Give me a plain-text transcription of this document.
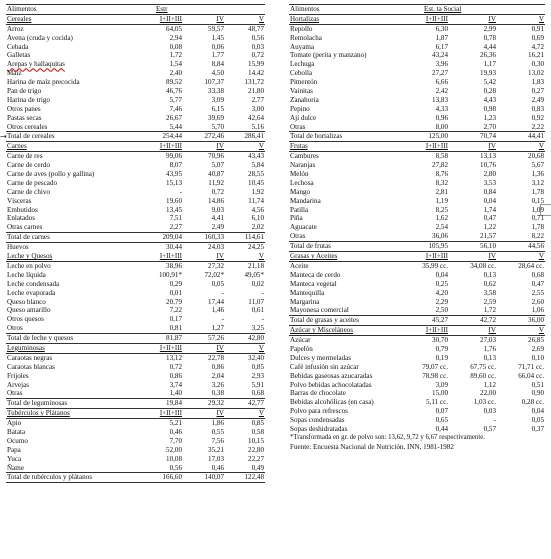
⇥
Alimentos	Estr
Cereales	I+II+III	IV	V
Arroz	64,05	59,57	48,77
Avena (cruda y cocida)	2,94	1,45	0,56
Cebada	0,08	0,06	0,03
Galletas	1,72	1,77	0,72
Arepas y hallaquitas	1,54	8,84	15,99
Maíz	2,40	4,50	14,42
Harina de maíz precocida	89,52	107,37	131,72
Pan de trigo	46,76	33,38	21,80
Harina de trigo	5,77	3,09	2,77
Otros panes	7,46	6,15	3,00
Pastas secas	26,67	39,69	42,64
Otros cereales	5,44	5,70	5,16
Total de cereales	254,44	272,46	286,41
Carnes	I+II+III	IV	V
Carne de res	99,06	70,96	43,43
Carne de cerdo	8,07	5,07	5,84
Carne de aves (pollo y gallina)	43,95	40,87	28,55
Carne de pescado	15,13	11,92	10,45
Carne de chivo	-	0,72	1,92
Vísceras	19,60	14,86	11,74
Embutidos	13,45	9,03	4,56
Enlatados	7,51	4,41	6,10
Otras carnes	2,27	2,49	2,02
Total de carnes	209,04	160,33	114,61
Huevos	30,44	24,03	24,25
Leche y Quesos	I+II+III	IV	V
Leche en polvo	38,96	27,32	21,18
Leche líquida	100,91*	72,02*	49,05*
Leche condensada	0,29	0,05	0,02
Leche evaporada	0,01	-	-
Queso blanco	20,79	17,44	11,07
Queso amarillo	7,22	1,46	0,61
Otros quesos	0,17	-	-
Otros	0,81	1,27	3,25
Total de leche y quesos	81,87	57,26	42,80
Leguminosas	I+II+III	IV	V
Caraotas negras	13,12	22,78	32,40
Caraotas blancas	0,72	0,86	0,85
Frijoles	0,86	2,04	2,93
Arvejas	3,74	3,26	5,91
Otras	1,40	0,38	0,68
Total de leguminosas	19,84	29,32	42,77
Tubérculos y Plátanos	I+II+III	IV	V
Apio	5,21	1,86	0,85
Batata	0,46	0,55	0,58
Ocumo	7,70	7,56	10,15
Papa	52,00	35,21	22,80
Yuca	10,08	17,03	22,27
Ñame	0,56	0,46	0,49
Total de tubérculos y plátanos	166,60	140,07	122,48
Alimentos	Est. ta Social
Hortalizas	I+II+III	IV	V
Repollo	6,30	2,99	0,91
Remolacha	1,87	0,78	0,69
Auyama	6,17	4,44	4,72
Tomate (perita y manzano)	43,24	26,36	16,21
Lechuga	3,96	1,17	0,30
Cebolla	27,27	19,93	13,02
Pimentón	6,66	5,42	1,83
Vainitas	2,42	0,28	0,27
Zanahoria	13,83	4,43	2,49
Pepino	4,33	0,98	0,83
Ají dulce	0,96	1,23	0,92
Otras	8,00	2,70	2,22
Total de hortalizas	125,00	70,74	44,41
Frutas	I+II+III	IV	V
Cambures	8,58	13,13	20,68
Naranjas	27,82	10,76	5,67
Melón	8,76	2,80	1,36
Lechosa	8,32	3,53	3,12
Mango	2,81	0,84	1,78
Mandarina	1,19	0,04	0,15
Patilla	8,25	1,74	1,09
Piña	1,62	0,47	0,71
Aguacate	2,54	1,22	1,78
Otras	36,06	21,57	8,22
Total de frutas	105,95	56,10	44,56
Grasas y Aceites	I+II+III	IV	V
Aceite	35,99 cc.	34,08 cc.	28,64 cc.
Manteca de cerdo	0,04	0,13	0,68
Manteca vegetal	0,25	0,62	0,47
Mantequilla	4,20	3,58	2,55
Margarina	2,29	2,59	2,60
Mayonesa comercial	2,50	1,72	1,06
Total de grasas y aceites	45,27	42,72	36,00
Azúcar y Misceláneos	I+II+III	IV	V
Azúcar	30,70	27,03	26,85
Papelón	0,79	1,76	2,69
Dulces y mermeladas	0,19	0,13	0,10
Café infusión sin azúcar	79,07 cc.	67,75 cc.	71,71 cc.
Bebidas gaseosas azucaradas	78,98 cc.	89,60 cc.	66,04 cc.
Polvo bebidas achocolatadas	3,09	1,12	0,51
Barras de chocolate	15,00	22,00	0,90
Bebidas alcohólicas (en casa)	5,11 cc.	1,03 cc.	0,28 cc.
Polvo para refrescos	0,07	0,03	0,04
Sopas condensadas	0,65	-	0,05
Sopas deshidratadas	0,44	0,57	0,37
*Transformada en gr. de polvo son: 13,62, 9,72 y 6,67 respectivamente.
Fuente: Encuesta Nacional de Nutrición, INN, 1981-1982
